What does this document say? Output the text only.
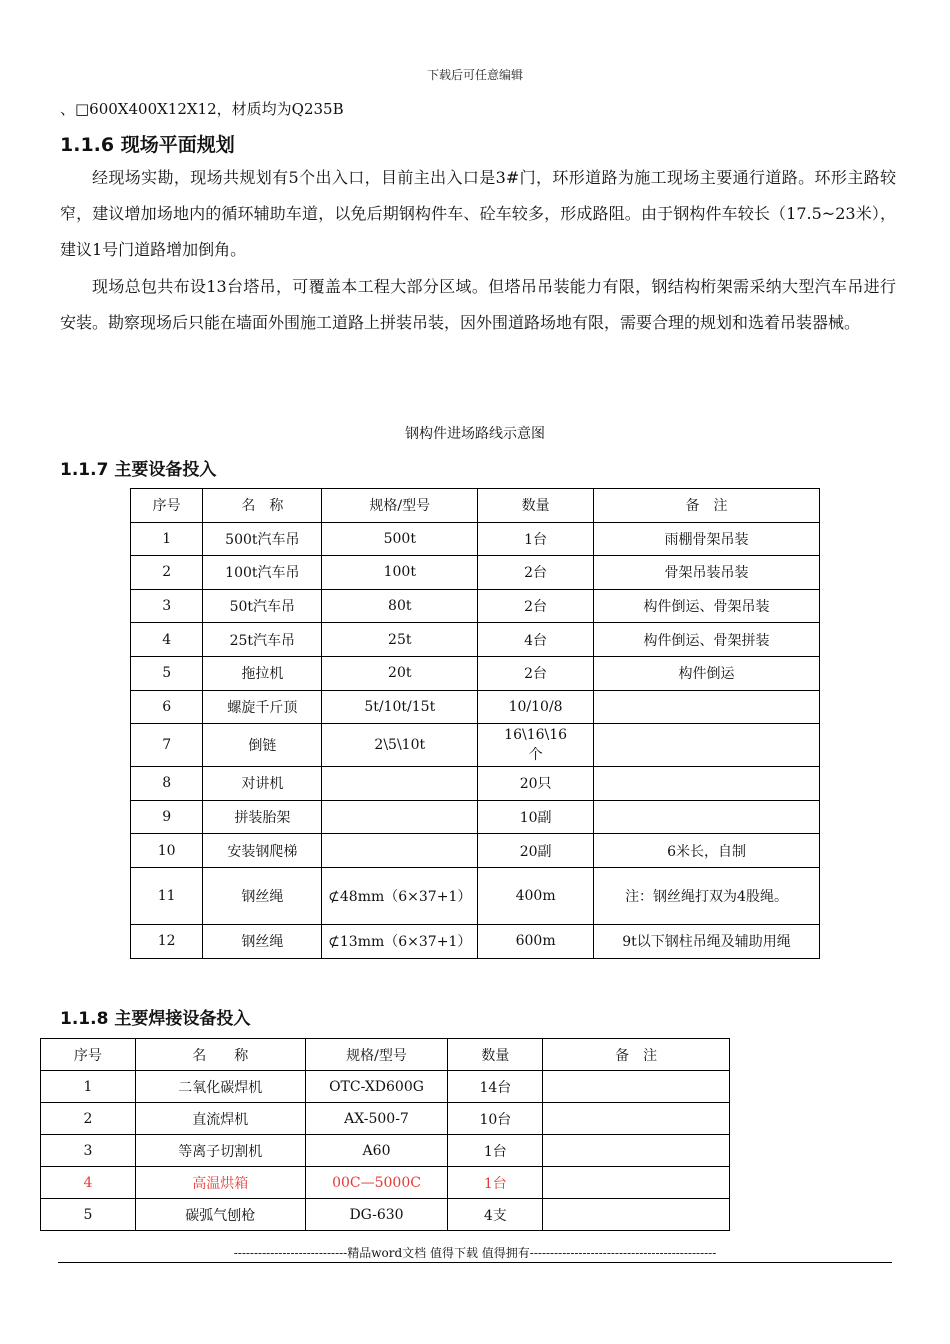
下载后可任意编辑
、□600X400X12X12，材质均为Q235B
1.1.6 现场平面规划

经现场实勘，现场共规划有5个出入口，目前主出入口是3#门，环形道路为施工现场主要通行道路。环形主路较窄，建议增加场地内的循环辅助车道，以免后期钢构件车、砼车较多，形成路阻。由于钢构件车较长（17.5~23米），建议1号门道路增加倒角。

现场总包共布设13台塔吊，可覆盖本工程大部分区域。但塔吊吊装能力有限，钢结构桁架需采纳大型汽车吊进行安装。勘察现场后只能在墙面外围施工道路上拼装吊装，因外围道路场地有限，需要合理的规划和选着吊装器械。

钢构件进场路线示意图
1.1.7 主要设备投入
序号	名　称	规格/型号	数量	备　注
1	500t汽车吊	500t	1台	雨棚骨架吊装
2	100t汽车吊	100t	2台	骨架吊装吊装
3	50t汽车吊	80t	2台	构件倒运、骨架吊装
4	25t汽车吊	25t	4台	构件倒运、骨架拼装
5	拖拉机	20t	2台	构件倒运
6	螺旋千斤顶	5t/10t/15t	10/10/8	
7	倒链	2\5\10t	16\16\16个	
8	对讲机		20只	
9	拼装胎架		10副	
10	安装钢爬梯		20副	6米长，自制
11	钢丝绳	⊄48mm（6×37+1）	400m	注：钢丝绳打双为4股绳。
12	钢丝绳	⊄13mm（6×37+1）	600m	9t以下钢柱吊绳及辅助用绳
1.1.8 主要焊接设备投入
序号	名　　称	规格/型号	数量	备　注
1	二氧化碳焊机	OTC-XD600G	14台	
2	直流焊机	AX-500-7	10台	
3	等离子切割机	A60	1台	
4	高温烘箱	00C—5000C	1台	
5	碳弧气刨枪	DG-630	4支	
----------------------------精品word文档 值得下载 值得拥有----------------------------------------------
